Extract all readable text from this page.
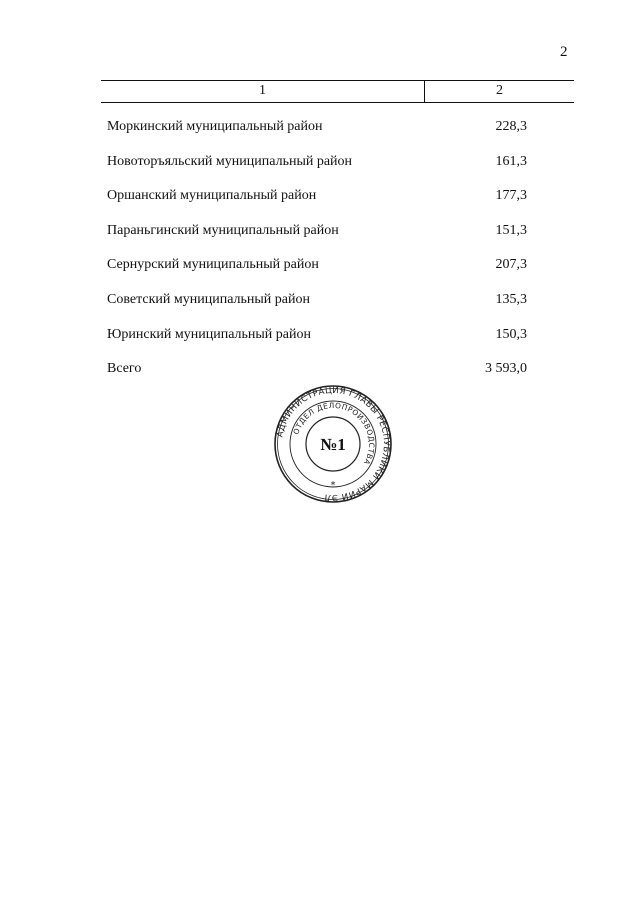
2
1	2
Моркинский муниципальный район	228,3
Новоторъяльский муниципальный район	161,3
Оршанский муниципальный район	177,3
Параньгинский муниципальный район	151,3
Сернурский муниципальный район	207,3
Советский муниципальный район	135,3
Юринский муниципальный район	150,3
Всего	3 593,0
АДМИНИСТРАЦИЯ ГЛАВЫ РЕСПУБЛИКИ МАРИЙ ЭЛ
ОТДЕЛ ДЕЛОПРОИЗВОДСТВА
№1
*
